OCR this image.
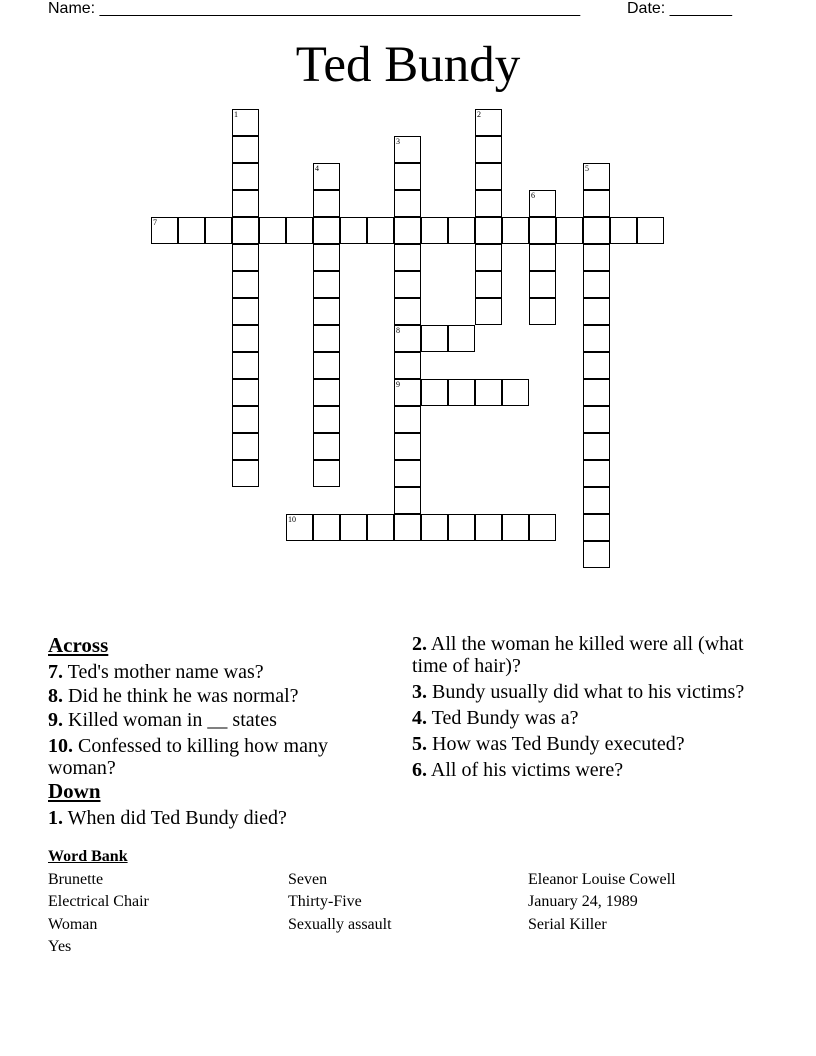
Name: ______________________________________________________	Date: _______
Ted Bundy
1	2
3
8
9
4	5
6
7
10
Across
7. Ted's mother name was?
8. Did he think he was normal?
9. Killed woman in __ states
10. Confessed to killing how many woman?
Down
1. When did Ted Bundy died?
2. All the woman he killed were all (what time of hair)?
3. Bundy usually did what to his victims?
4. Ted Bundy was a?
5. How was Ted Bundy executed?
6. All of his victims were?
Word Bank
Brunette
Electrical Chair
Woman
Yes
Seven
Thirty-Five
Sexually assault
Eleanor Louise Cowell
January 24, 1989
Serial Killer
